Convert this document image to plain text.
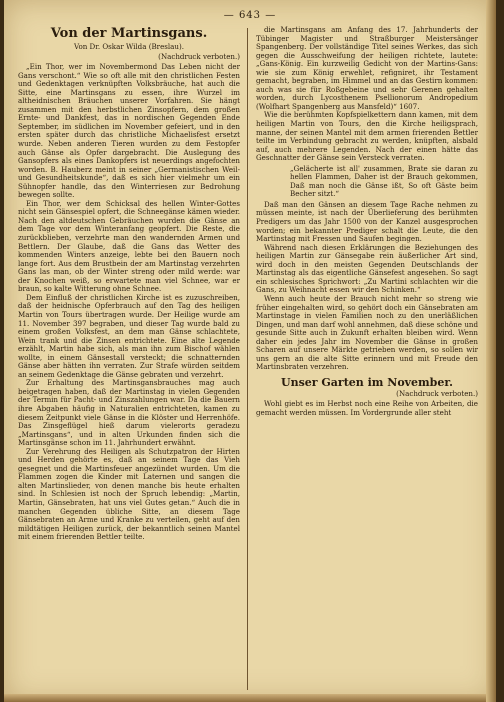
— 643 —
Von der Martinsgans.
Von Dr. Oskar Wilda (Breslau).
(Nachdruck verboten.)

„Ein Thor, wer im Novembermond Das Leben nicht der Gans verschont.“ Wie so oft alle mit den christlichen Festen und Gedenktagen verknüpften Volksbräuche, hat auch die Sitte, eine Martinsgans zu essen, ihre Wurzel im altheidnischen Bräuchen unserer Vorfahren. Sie hängt zusammen mit den herbstlichen Zinsopfern, dem großen Ernte- und Dankfest, das in nordischen Gegenden Ende September, im südlichen im November gefeiert, und in den ersten später durch das christliche Michaelisfest ersetzt wurde. Neben anderen Tieren wurden zu dem Festopfer auch Gänse als Opfer dargebracht. Die Auslegung des Gansopfers als eines Dankopfers ist neuerdings angefochten worden. B. Hauberz meint in seiner „Germanistischen Weil- und Gesundheitskunde“, daß es sich hier vielmehr um ein Sühnopfer handle, das den Winterriesen zur Bedrohung bewegen sollte.

Ein Thor, wer dem Schicksal des hellen Winter-Gottes nicht sein Gänsespiel opfert, die Schneegänse kämen wieder. Nach den altdeutschen Gebräuchen wurden die Gänse an dem Tage vor dem Winteranfang geopfert. Die Reste, die zurückblieben, verzehrte man den wandernden Armen und Bettlern. Der Glaube, daß die Gans das Wetter des kommenden Winters anzeige, lebte bei den Bauern noch lange fort. Aus dem Brustbein der am Martinstag verzehrten Gans las man, ob der Winter streng oder mild werde: war der Knochen weiß, so erwartete man viel Schnee, war er braun, so kalte Witterung ohne Schnee.

Dem Einfluß der christlichen Kirche ist es zuzuschreiben, daß der heidnische Opferbrauch auf den Tag des heiligen Martin von Tours übertragen wurde. Der Heilige wurde am 11. November 397 begraben, und dieser Tag wurde bald zu einem großen Volksfest, an dem man Gänse schlachtete, Wein trank und die Zinsen entrichtete. Eine alte Legende erzählt, Martin habe sich, als man ihn zum Bischof wählen wollte, in einem Gänsestall versteckt; die schnatternden Gänse aber hätten ihn verraten. Zur Strafe würden seitdem an seinem Gedenktage die Gänse gebraten und verzehrt.

Zur Erhaltung des Martinsgansbrauches mag auch beigetragen haben, daß der Martinstag in vielen Gegenden der Termin für Pacht- und Zinszahlungen war. Da die Bauern ihre Abgaben häufig in Naturalien entrichteten, kamen zu diesem Zeitpunkt viele Gänse in die Klöster und Herrenhöfe. Das Zinsgeflügel hieß darum vielerorts geradezu „Martinsgans“, und in alten Urkunden finden sich die Martinsgänse schon im 11. Jahrhundert erwähnt.

Zur Verehrung des Heiligen als Schutzpatron der Hirten und Herden gehörte es, daß an seinem Tage das Vieh gesegnet und die Martinsfeuer angezündet wurden. Um die Flammen zogen die Kinder mit Laternen und sangen die alten Martinslieder, von denen manche bis heute erhalten sind. In Schlesien ist noch der Spruch lebendig: „Martin, Martin, Gänsebraten, hat uns viel Gutes getan.“ Auch die in manchen Gegenden übliche Sitte, an diesem Tage Gänsebraten an Arme und Kranke zu verteilen, geht auf den mildtätigen Heiligen zurück, der bekanntlich seinen Mantel mit einem frierenden Bettler teilte.

die Martinsgans am Anfang des 17. Jahrhunderts der Tübinger Magister und Straßburger Meistersänger Spangenberg. Der vollständige Titel seines Werkes, das sich gegen die Ausschweifung der heiligen richtete, lautete: „Gans-König. Ein kurzweilig Gedicht von der Martins-Gans: wie sie zum König erwehlet, refigniret, ihr Testament gemacht, begraben, im Himmel und an das Gestirn kommen: auch was sie für Roßgebeine und sehr Gerenen gehalten worden, durch Lycosthenem Psellionorum Andropedium (Wolfhart Spangenberg aus Mansfeld)“ 1607.

Wie die berühmten Kopfspielkettern dann kamen, mit dem heiligen Martin von Tours, den die Kirche heiligsprach, manne, der seinen Mantel mit dem armen frierenden Bettler teilte im Verbindung gebracht zu werden, knüpften, alsbald auf, auch mehrere Legenden. Nach der einen hätte das Geschnatter der Gänse sein Versteck verraten.

„Gelächerte ist all' zusammen, Brate sie daran zu hellen Flammen, Daher ist der Brauch gekommen, Daß man noch die Gänse ißt, So oft Gäste beim Becher sitzt.“

Daß man den Gänsen an diesem Tage Rache nehmen zu müssen meinte, ist nach der Überlieferung des berühmten Predigers um das Jahr 1500 von der Kanzel ausgesprochen worden; ein bekannter Prediger schalt die Leute, die den Martinstag mit Fressen und Saufen begingen.

Während nach diesen Erklärungen die Beziehungen des heiligen Martin zur Gänsegabe rein äußerlicher Art sind, wird doch in den meisten Gegenden Deutschlands der Martinstag als das eigentliche Gänsefest angesehen. So sagt ein schlesisches Sprichwort: „Zu Martini schlachten wir die Gans, zu Weihnacht essen wir den Schinken.“

Wenn auch heute der Brauch nicht mehr so streng wie früher eingehalten wird, so gehört doch ein Gänsebraten am Martinstage in vielen Familien noch zu den unerläßlichen Dingen, und man darf wohl annehmen, daß diese schöne und gesunde Sitte auch in Zukunft erhalten bleiben wird. Wenn daher ein jedes Jahr im November die Gänse in großen Scharen auf unsere Märkte getrieben werden, so sollen wir uns gern an die alte Sitte erinnern und mit Freude den Martinsbraten verzehren.

Unser Garten im November.
(Nachdruck verboten.)

Wohl giebt es im Herbst noch eine Reihe von Arbeiten, die gemacht werden müssen. Im Vordergrunde aller steht
